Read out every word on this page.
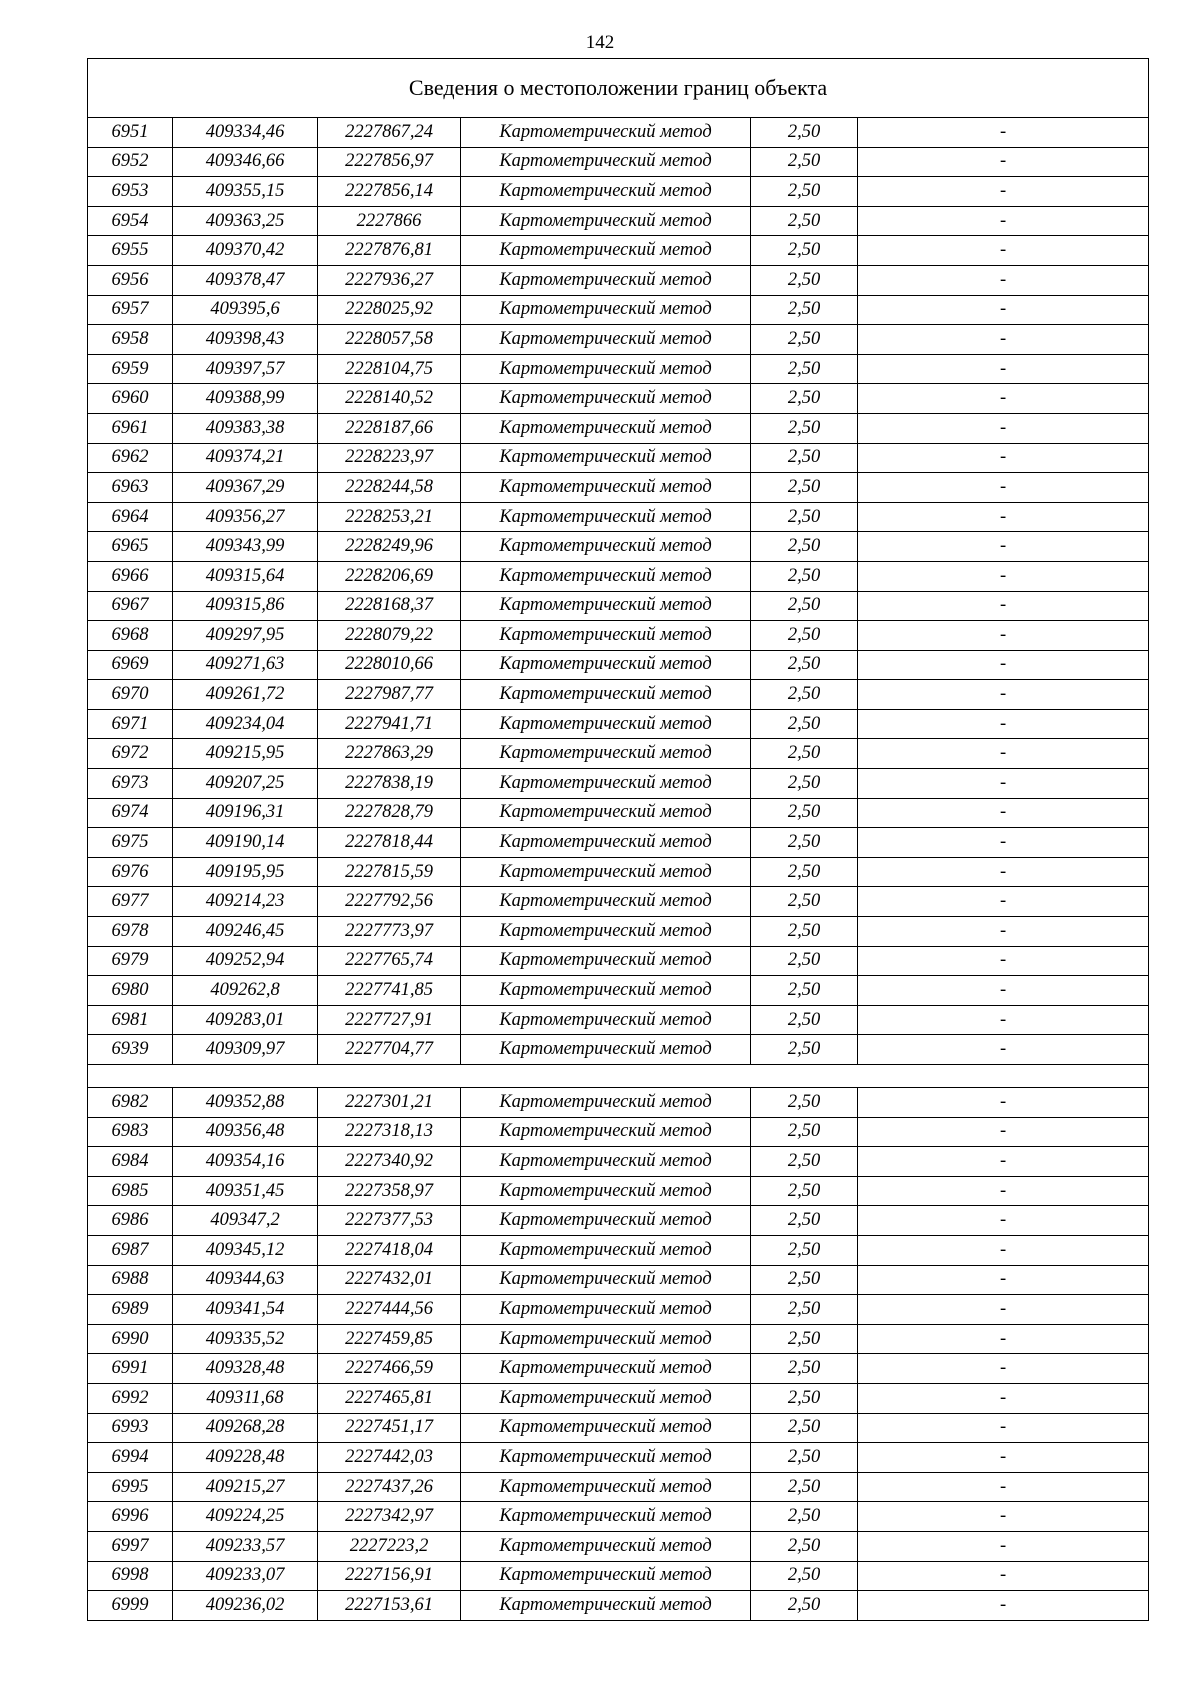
142
Сведения о местоположении границ объекта					
6951	409334,46	2227867,24	Картометрический метод	2,50	-
6952	409346,66	2227856,97	Картометрический метод	2,50	-
6953	409355,15	2227856,14	Картометрический метод	2,50	-
6954	409363,25	2227866	Картометрический метод	2,50	-
6955	409370,42	2227876,81	Картометрический метод	2,50	-
6956	409378,47	2227936,27	Картометрический метод	2,50	-
6957	409395,6	2228025,92	Картометрический метод	2,50	-
6958	409398,43	2228057,58	Картометрический метод	2,50	-
6959	409397,57	2228104,75	Картометрический метод	2,50	-
6960	409388,99	2228140,52	Картометрический метод	2,50	-
6961	409383,38	2228187,66	Картометрический метод	2,50	-
6962	409374,21	2228223,97	Картометрический метод	2,50	-
6963	409367,29	2228244,58	Картометрический метод	2,50	-
6964	409356,27	2228253,21	Картометрический метод	2,50	-
6965	409343,99	2228249,96	Картометрический метод	2,50	-
6966	409315,64	2228206,69	Картометрический метод	2,50	-
6967	409315,86	2228168,37	Картометрический метод	2,50	-
6968	409297,95	2228079,22	Картометрический метод	2,50	-
6969	409271,63	2228010,66	Картометрический метод	2,50	-
6970	409261,72	2227987,77	Картометрический метод	2,50	-
6971	409234,04	2227941,71	Картометрический метод	2,50	-
6972	409215,95	2227863,29	Картометрический метод	2,50	-
6973	409207,25	2227838,19	Картометрический метод	2,50	-
6974	409196,31	2227828,79	Картометрический метод	2,50	-
6975	409190,14	2227818,44	Картометрический метод	2,50	-
6976	409195,95	2227815,59	Картометрический метод	2,50	-
6977	409214,23	2227792,56	Картометрический метод	2,50	-
6978	409246,45	2227773,97	Картометрический метод	2,50	-
6979	409252,94	2227765,74	Картометрический метод	2,50	-
6980	409262,8	2227741,85	Картометрический метод	2,50	-
6981	409283,01	2227727,91	Картометрический метод	2,50	-
6939	409309,97	2227704,77	Картометрический метод	2,50	-

6982	409352,88	2227301,21	Картометрический метод	2,50	-
6983	409356,48	2227318,13	Картометрический метод	2,50	-
6984	409354,16	2227340,92	Картометрический метод	2,50	-
6985	409351,45	2227358,97	Картометрический метод	2,50	-
6986	409347,2	2227377,53	Картометрический метод	2,50	-
6987	409345,12	2227418,04	Картометрический метод	2,50	-
6988	409344,63	2227432,01	Картометрический метод	2,50	-
6989	409341,54	2227444,56	Картометрический метод	2,50	-
6990	409335,52	2227459,85	Картометрический метод	2,50	-
6991	409328,48	2227466,59	Картометрический метод	2,50	-
6992	409311,68	2227465,81	Картометрический метод	2,50	-
6993	409268,28	2227451,17	Картометрический метод	2,50	-
6994	409228,48	2227442,03	Картометрический метод	2,50	-
6995	409215,27	2227437,26	Картометрический метод	2,50	-
6996	409224,25	2227342,97	Картометрический метод	2,50	-
6997	409233,57	2227223,2	Картометрический метод	2,50	-
6998	409233,07	2227156,91	Картометрический метод	2,50	-
6999	409236,02	2227153,61	Картометрический метод	2,50	-
